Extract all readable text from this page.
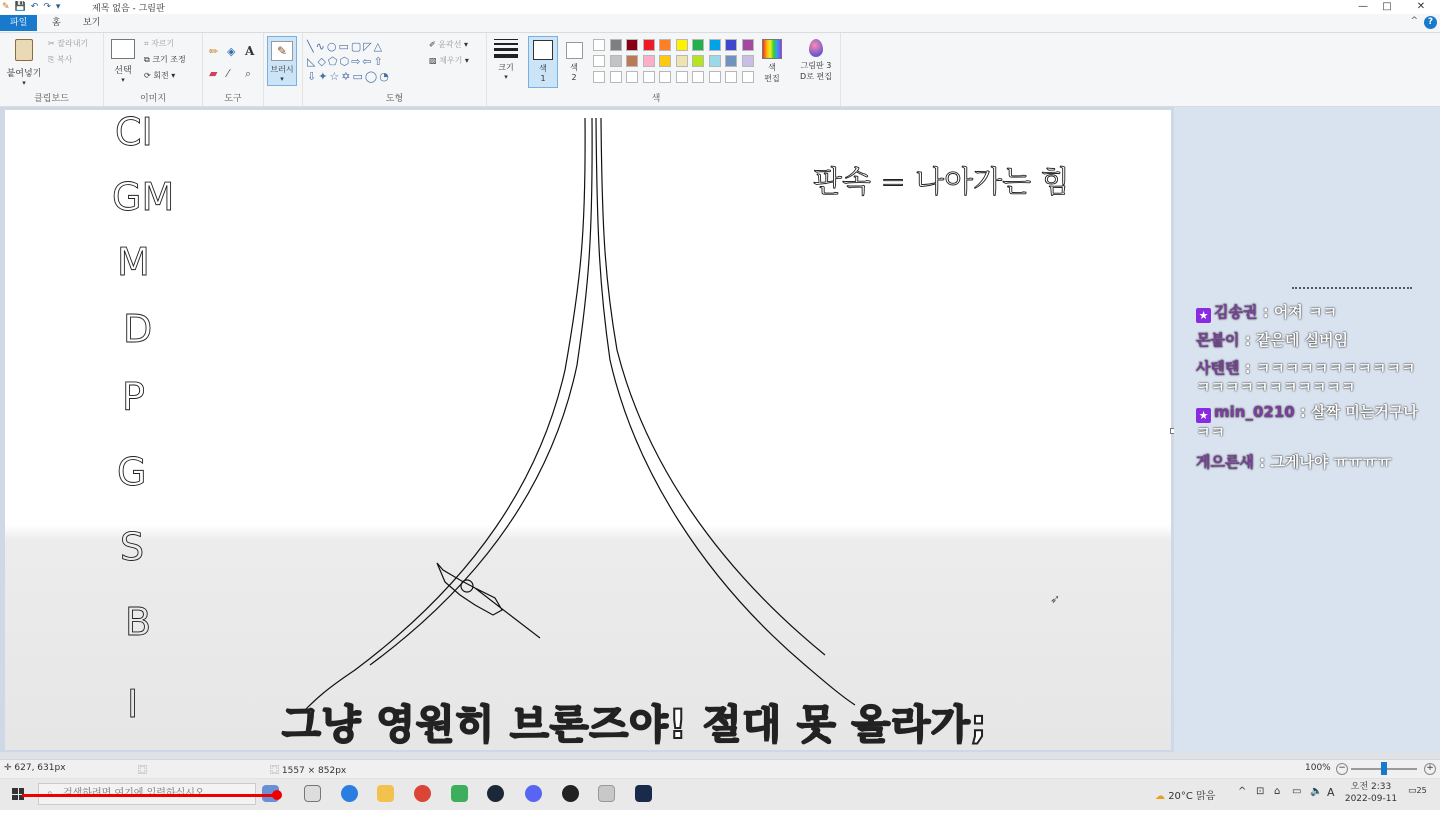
✎ 💾 ↶ ↷ ▾	제목 없음 - 그림판	—	□	✕
파일	홈	보기	^	?
붙여넣기
▾
✂ 잘라내기
⎘ 복사
클립보드
선택
▾
⌗ 자르기
⧉ 크기 조정
⟳ 회전 ▾
이미지
✏ ◈ A
▰ ⁄ ⌕
도구
✎
브러시
▾
╲∿○▭▢◸△
◺◇⬠⬡⇨⇦⇧
⇩✦☆✡▭◯◔
✐ 윤곽선 ▾
▨ 채우기 ▾
도형
크기
▾
색
1
색
2
색
편집
그림판 3
D로 편집
색
CI
GM
M
D
P
G
S
B
I
판속 = 나아가는 힘
➶
★ 김송권 : 어져 ㅋㅋ
몬붙이 : 같은데 실버임
사텐텐 : ㅋㅋㅋㅋㅋㅋㅋㅋㅋㅋㅋㅋㅋㅋㅋㅋㅋㅋㅋㅋㅋㅋ
★ min_0210 : 살짝 미는거구나 ㅋㅋ
게으른새 : 그게나야 ㅠㅠㅠㅠ
그냥 영원히 브론즈야! 절대 못 올라가;
✛ 627, 631px	⿴	⿴ 1557 × 852px	100% −	+
☁ 20°C 맑음 ^ ⊡ ⌂ ▭ 🔈 A	오전 2:33
2022-09-11
▭25
